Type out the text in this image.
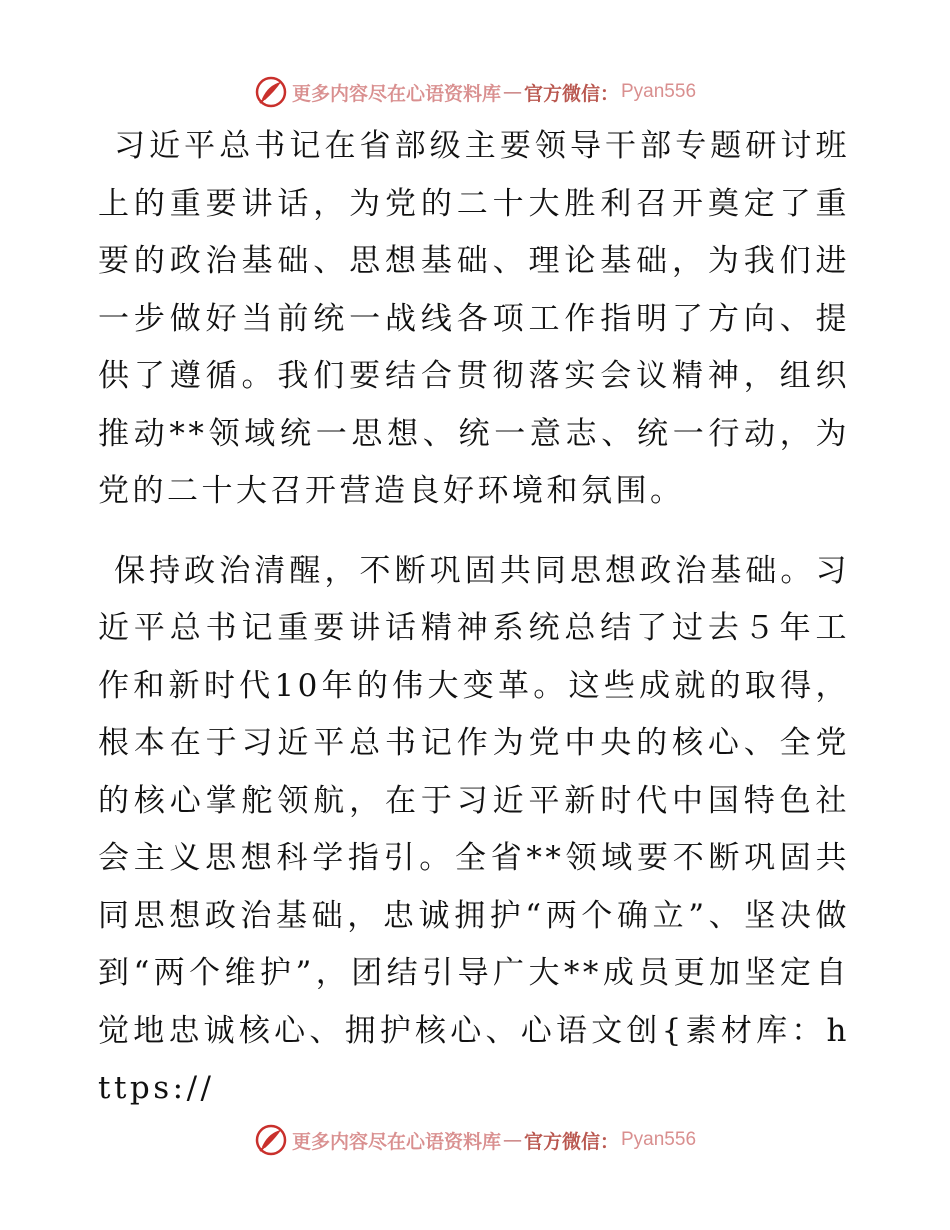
更多内容尽在心语资料库 — 官方微信： Pyan556

习近平总书记在省部级主要领导干部专题研讨班上的重要讲话，为党的二十大胜利召开奠定了重要的政治基础、思想基础、理论基础，为我们进一步做好当前统一战线各项工作指明了方向、提供了遵循。我们要结合贯彻落实会议精神，组织推动**领域统一思想、统一意志、统一行动，为党的二十大召开营造良好环境和氛围。

保持政治清醒，不断巩固共同思想政治基础。习近平总书记重要讲话精神系统总结了过去５年工作和新时代10年的伟大变革。这些成就的取得，根本在于习近平总书记作为党中央的核心、全党的核心掌舵领航，在于习近平新时代中国特色社会主义思想科学指引。全省**领域要不断巩固共同思想政治基础，忠诚拥护“两个确立”、坚决做到“两个维护”，团结引导广大**成员更加坚定自觉地忠诚核心、拥护核心、心语文创{素材库：https://

更多内容尽在心语资料库 — 官方微信： Pyan556
